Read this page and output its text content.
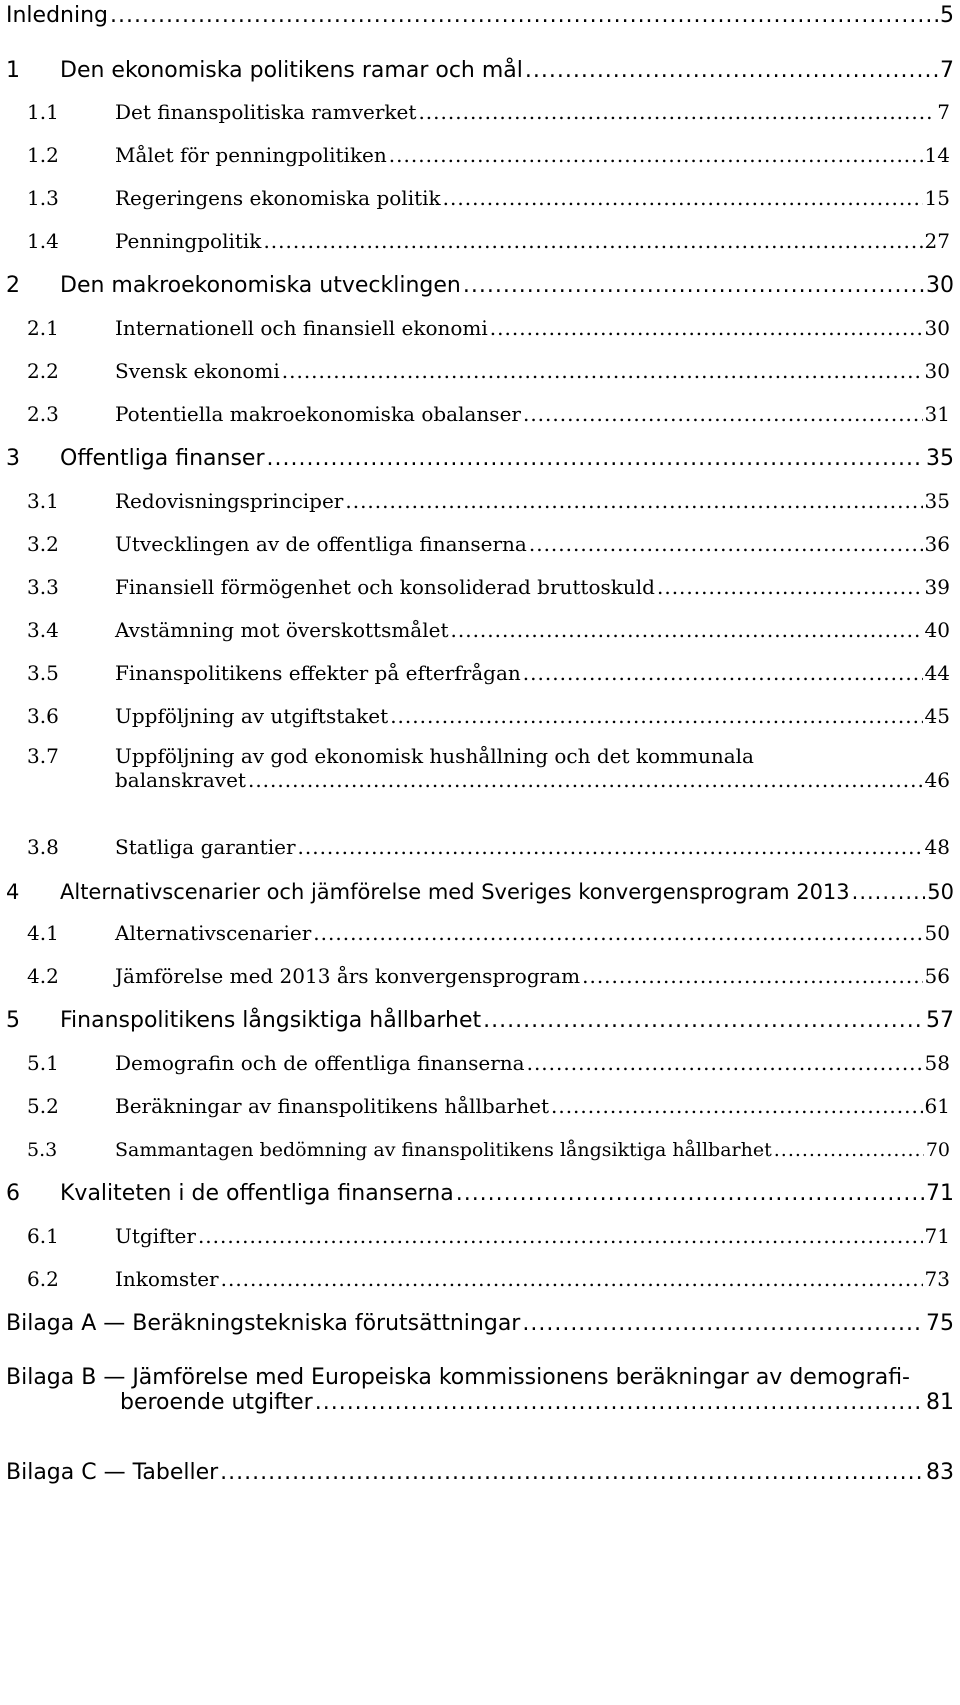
Inledning .....	5
1	Den ekonomiska politikens ramar och mål .....	7
1.1	Det finanspolitiska ramverket .....	7
1.2	Målet för penningpolitiken .....	14
1.3	Regeringens ekonomiska politik .....	15
1.4	Penningpolitik .....	27
2	Den makroekonomiska utvecklingen .....	30
2.1	Internationell och finansiell ekonomi .....	30
2.2	Svensk ekonomi .....	30
2.3	Potentiella makroekonomiska obalanser .....	31
3	Offentliga finanser .....	35
3.1	Redovisningsprinciper .....	35
3.2	Utvecklingen av de offentliga finanserna .....	36
3.3	Finansiell förmögenhet och konsoliderad bruttoskuld .....	39
3.4	Avstämning mot överskottsmålet .....	40
3.5	Finanspolitikens effekter på efterfrågan .....	44
3.6	Uppföljning av utgiftstaket .....	45
3.7	Uppföljning av god ekonomisk hushållning och det kommunala
balanskravet .....	46
3.8	Statliga garantier .....	48
4	Alternativscenarier och jämförelse med Sveriges konvergensprogram 2013 .....	50
4.1	Alternativscenarier .....	50
4.2	Jämförelse med 2013 års konvergensprogram .....	56
5	Finanspolitikens långsiktiga hållbarhet .....	57
5.1	Demografin och de offentliga finanserna .....	58
5.2	Beräkningar av finanspolitikens hållbarhet .....	61
5.3	Sammantagen bedömning av finanspolitikens långsiktiga hållbarhet .....	70
6	Kvaliteten i de offentliga finanserna .....	71
6.1	Utgifter .....	71
6.2	Inkomster .....	73
Bilaga A — Beräkningstekniska förutsättningar .....	75
Bilaga B — Jämförelse med Europeiska kommissionens beräkningar av demografi-
beroende utgifter .....	81
Bilaga C — Tabeller .....	83
